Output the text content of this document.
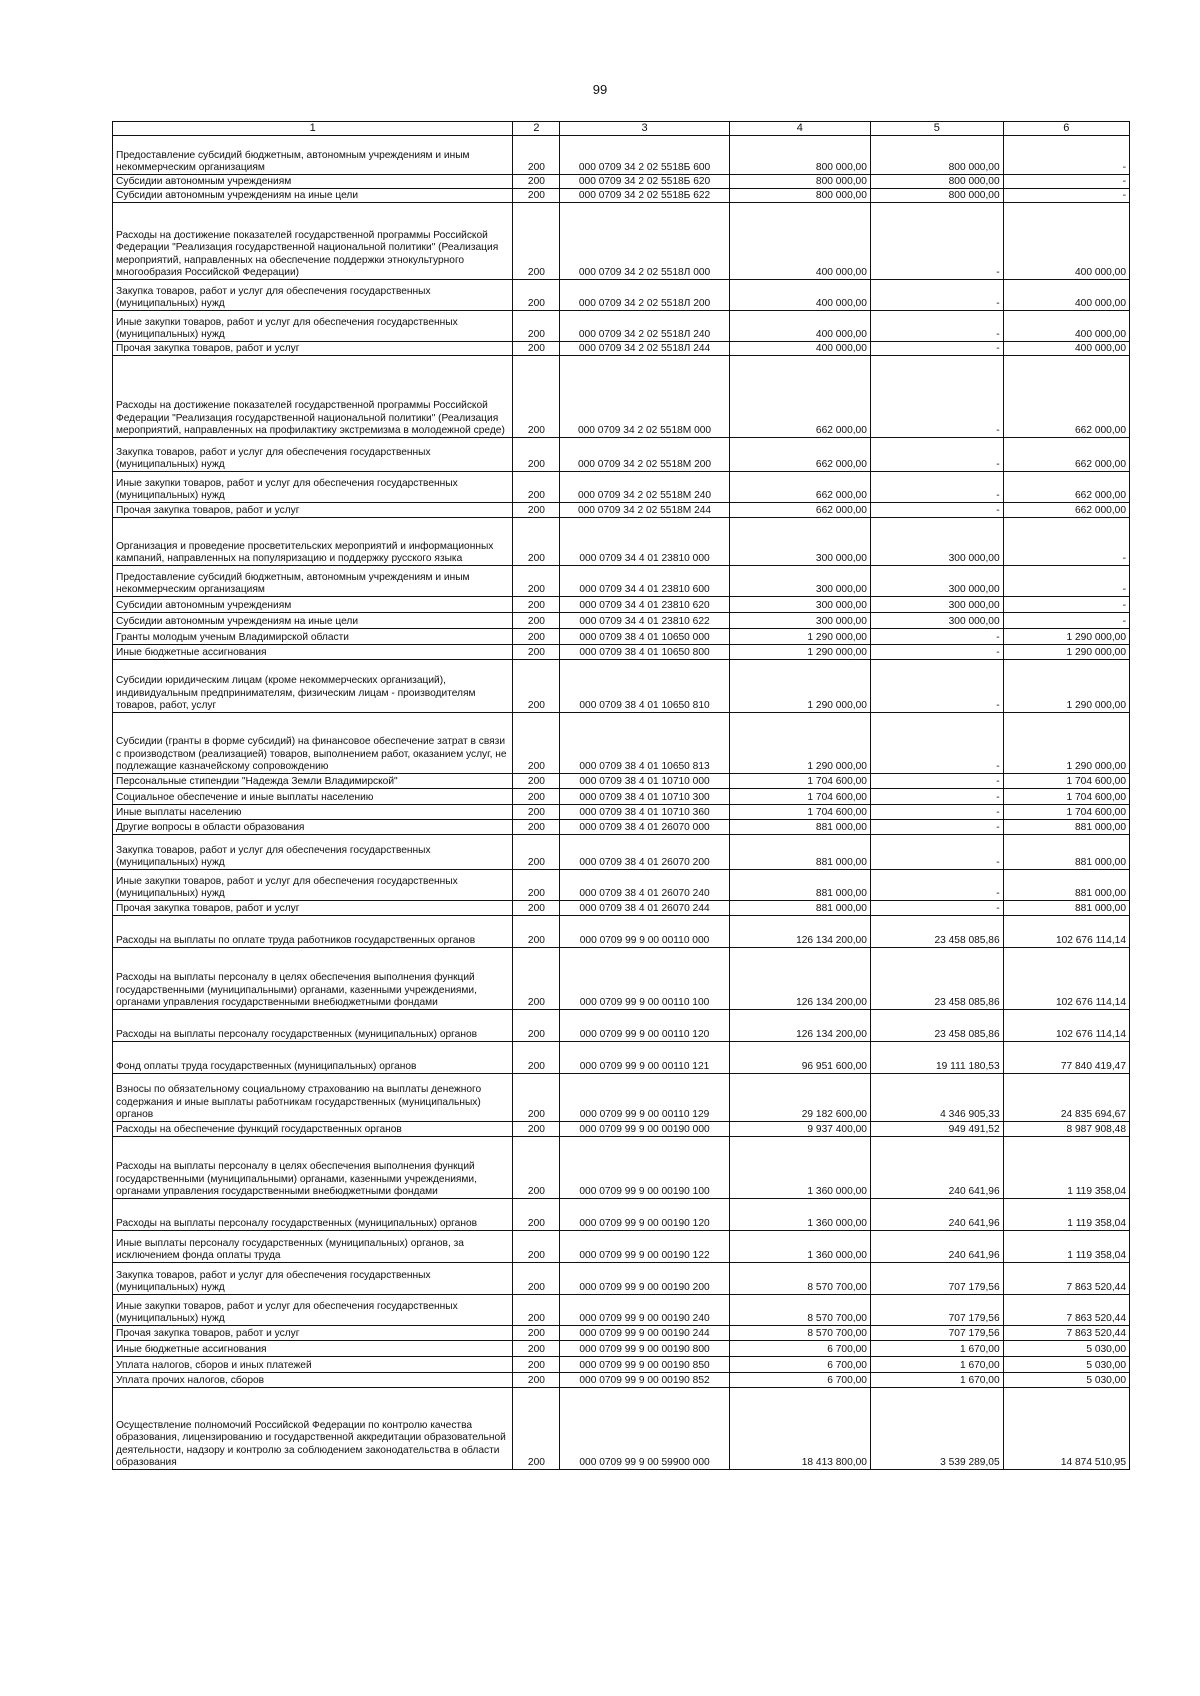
99
1	2	3	4	5	6
Предоставление субсидий бюджетным, автономным учреждениям и иным некоммерческим организациям	200	000 0709 34 2 02 5518Б 600	800 000,00	800 000,00	-
Субсидии автономным учреждениям	200	000 0709 34 2 02 5518Б 620	800 000,00	800 000,00	-
Субсидии автономным учреждениям на иные цели	200	000 0709 34 2 02 5518Б 622	800 000,00	800 000,00	-
Расходы на достижение показателей государственной программы Российской Федерации "Реализация государственной национальной политики" (Реализация мероприятий, направленных на обеспечение поддержки этнокультурного многообразия Российской Федерации)	200	000 0709 34 2 02 5518Л 000	400 000,00	-	400 000,00
Закупка товаров, работ и услуг для обеспечения государственных (муниципальных) нужд	200	000 0709 34 2 02 5518Л 200	400 000,00	-	400 000,00
Иные закупки товаров, работ и услуг для обеспечения государственных (муниципальных) нужд	200	000 0709 34 2 02 5518Л 240	400 000,00	-	400 000,00
Прочая закупка товаров, работ и услуг	200	000 0709 34 2 02 5518Л 244	400 000,00	-	400 000,00
Расходы на достижение показателей государственной программы Российской Федерации "Реализация государственной национальной политики" (Реализация мероприятий, направленных на профилактику экстремизма в молодежной среде)	200	000 0709 34 2 02 5518М 000	662 000,00	-	662 000,00
Закупка товаров, работ и услуг для обеспечения государственных (муниципальных) нужд	200	000 0709 34 2 02 5518М 200	662 000,00	-	662 000,00
Иные закупки товаров, работ и услуг для обеспечения государственных (муниципальных) нужд	200	000 0709 34 2 02 5518М 240	662 000,00	-	662 000,00
Прочая закупка товаров, работ и услуг	200	000 0709 34 2 02 5518М 244	662 000,00	-	662 000,00
Организация и проведение просветительских мероприятий и информационных кампаний, направленных на популяризацию и поддержку русского языка	200	000 0709 34 4 01 23810 000	300 000,00	300 000,00	-
Предоставление субсидий бюджетным, автономным учреждениям и иным некоммерческим организациям	200	000 0709 34 4 01 23810 600	300 000,00	300 000,00	-
Субсидии автономным учреждениям	200	000 0709 34 4 01 23810 620	300 000,00	300 000,00	-
Субсидии автономным учреждениям на иные цели	200	000 0709 34 4 01 23810 622	300 000,00	300 000,00	-
Гранты молодым ученым Владимирской области	200	000 0709 38 4 01 10650 000	1 290 000,00	-	1 290 000,00
Иные бюджетные ассигнования	200	000 0709 38 4 01 10650 800	1 290 000,00	-	1 290 000,00
Субсидии юридическим лицам (кроме некоммерческих организаций), индивидуальным предпринимателям, физическим лицам - производителям товаров, работ, услуг	200	000 0709 38 4 01 10650 810	1 290 000,00	-	1 290 000,00
Субсидии (гранты в форме субсидий) на финансовое обеспечение затрат в связи с производством (реализацией) товаров, выполнением работ, оказанием услуг, не подлежащие казначейскому сопровождению	200	000 0709 38 4 01 10650 813	1 290 000,00	-	1 290 000,00
Персональные стипендии "Надежда Земли Владимирской"	200	000 0709 38 4 01 10710 000	1 704 600,00	-	1 704 600,00
Социальное обеспечение и иные выплаты населению	200	000 0709 38 4 01 10710 300	1 704 600,00	-	1 704 600,00
Иные выплаты населению	200	000 0709 38 4 01 10710 360	1 704 600,00	-	1 704 600,00
Другие вопросы в области образования	200	000 0709 38 4 01 26070 000	881 000,00	-	881 000,00
Закупка товаров, работ и услуг для обеспечения государственных (муниципальных) нужд	200	000 0709 38 4 01 26070 200	881 000,00	-	881 000,00
Иные закупки товаров, работ и услуг для обеспечения государственных (муниципальных) нужд	200	000 0709 38 4 01 26070 240	881 000,00	-	881 000,00
Прочая закупка товаров, работ и услуг	200	000 0709 38 4 01 26070 244	881 000,00	-	881 000,00
Расходы на выплаты по оплате труда работников государственных органов	200	000 0709 99 9 00 00110 000	126 134 200,00	23 458 085,86	102 676 114,14
Расходы на выплаты персоналу в целях обеспечения выполнения функций государственными (муниципальными) органами, казенными учреждениями, органами управления государственными внебюджетными фондами	200	000 0709 99 9 00 00110 100	126 134 200,00	23 458 085,86	102 676 114,14
Расходы на выплаты персоналу государственных (муниципальных) органов	200	000 0709 99 9 00 00110 120	126 134 200,00	23 458 085,86	102 676 114,14
Фонд оплаты труда государственных (муниципальных) органов	200	000 0709 99 9 00 00110 121	96 951 600,00	19 111 180,53	77 840 419,47
Взносы по обязательному социальному страхованию на выплаты денежного содержания и иные выплаты работникам государственных (муниципальных) органов	200	000 0709 99 9 00 00110 129	29 182 600,00	4 346 905,33	24 835 694,67
Расходы на обеспечение функций государственных органов	200	000 0709 99 9 00 00190 000	9 937 400,00	949 491,52	8 987 908,48
Расходы на выплаты персоналу в целях обеспечения выполнения функций государственными (муниципальными) органами, казенными учреждениями, органами управления государственными внебюджетными фондами	200	000 0709 99 9 00 00190 100	1 360 000,00	240 641,96	1 119 358,04
Расходы на выплаты персоналу государственных (муниципальных) органов	200	000 0709 99 9 00 00190 120	1 360 000,00	240 641,96	1 119 358,04
Иные выплаты персоналу государственных (муниципальных) органов, за исключением фонда оплаты труда	200	000 0709 99 9 00 00190 122	1 360 000,00	240 641,96	1 119 358,04
Закупка товаров, работ и услуг для обеспечения государственных (муниципальных) нужд	200	000 0709 99 9 00 00190 200	8 570 700,00	707 179,56	7 863 520,44
Иные закупки товаров, работ и услуг для обеспечения государственных (муниципальных) нужд	200	000 0709 99 9 00 00190 240	8 570 700,00	707 179,56	7 863 520,44
Прочая закупка товаров, работ и услуг	200	000 0709 99 9 00 00190 244	8 570 700,00	707 179,56	7 863 520,44
Иные бюджетные ассигнования	200	000 0709 99 9 00 00190 800	6 700,00	1 670,00	5 030,00
Уплата налогов, сборов и иных платежей	200	000 0709 99 9 00 00190 850	6 700,00	1 670,00	5 030,00
Уплата прочих налогов, сборов	200	000 0709 99 9 00 00190 852	6 700,00	1 670,00	5 030,00
Осуществление полномочий Российской Федерации по контролю качества образования, лицензированию и государственной аккредитации образовательной деятельности, надзору и контролю за соблюдением законодательства в области образования	200	000 0709 99 9 00 59900 000	18 413 800,00	3 539 289,05	14 874 510,95
